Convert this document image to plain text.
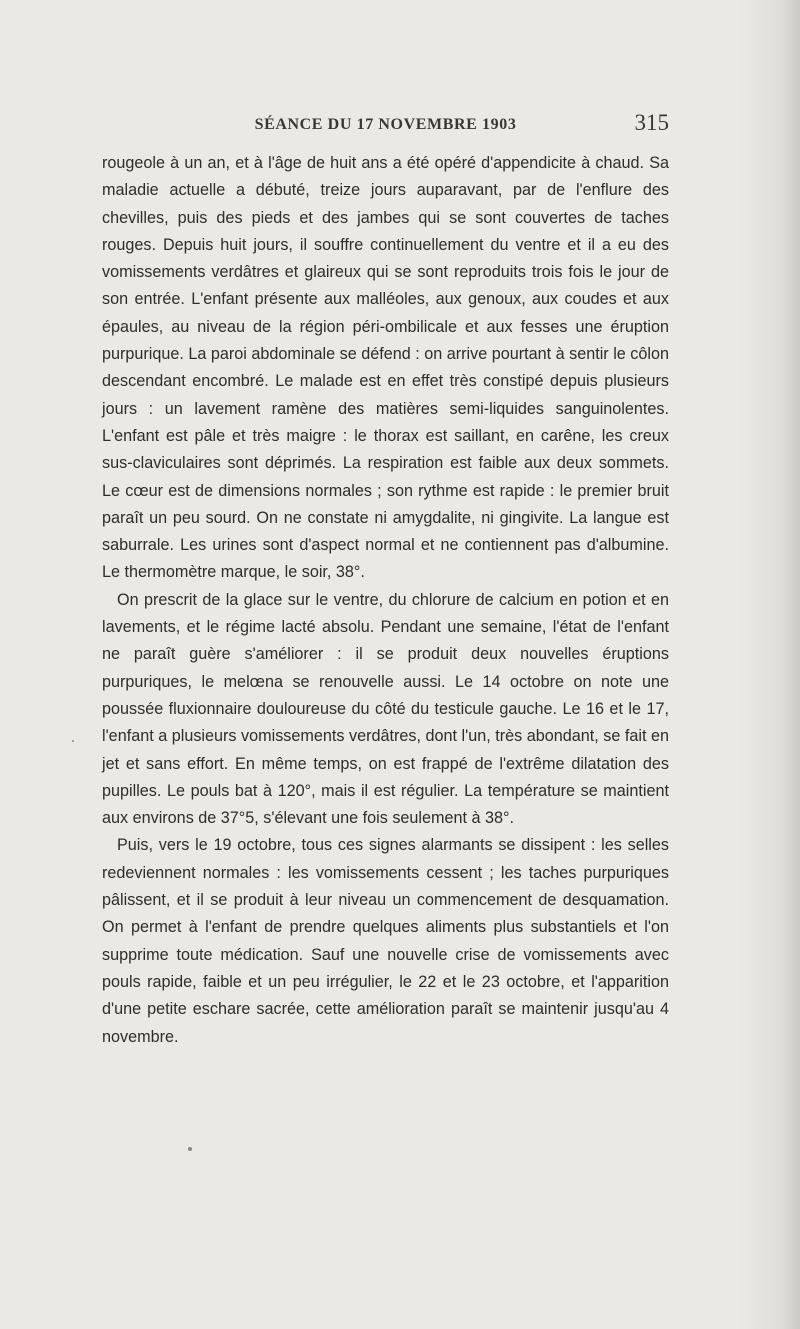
SÉANCE DU 17 NOVEMBRE 1903	315

rougeole à un an, et à l'âge de huit ans a été opéré d'appendicite à chaud. Sa maladie actuelle a débuté, treize jours auparavant, par de l'enflure des chevilles, puis des pieds et des jambes qui se sont couvertes de taches rouges. Depuis huit jours, il souffre continuellement du ventre et il a eu des vomissements verdâtres et glaireux qui se sont reproduits trois fois le jour de son entrée. L'enfant présente aux malléoles, aux genoux, aux coudes et aux épaules, au niveau de la région péri-ombilicale et aux fesses une éruption purpurique. La paroi abdominale se défend : on arrive pourtant à sentir le côlon descendant encombré. Le malade est en effet très constipé depuis plusieurs jours : un lavement ramène des matières semi-liquides sanguinolentes. L'enfant est pâle et très maigre : le thorax est saillant, en carêne, les creux sus-claviculaires sont déprimés. La respiration est faible aux deux sommets. Le cœur est de dimensions normales ; son rythme est rapide : le premier bruit paraît un peu sourd. On ne constate ni amygdalite, ni gingivite. La langue est saburrale. Les urines sont d'aspect normal et ne contiennent pas d'albumine. Le thermomètre marque, le soir, 38°.

On prescrit de la glace sur le ventre, du chlorure de calcium en potion et en lavements, et le régime lacté absolu. Pendant une semaine, l'état de l'enfant ne paraît guère s'améliorer : il se produit deux nouvelles éruptions purpuriques, le melœna se renouvelle aussi. Le 14 octobre on note une poussée fluxionnaire douloureuse du côté du testicule gauche. Le 16 et le 17, l'enfant a plusieurs vomissements verdâtres, dont l'un, très abondant, se fait en jet et sans effort. En même temps, on est frappé de l'extrême dilatation des pupilles. Le pouls bat à 120°, mais il est régulier. La température se maintient aux environs de 37°5, s'élevant une fois seulement à 38°.

Puis, vers le 19 octobre, tous ces signes alarmants se dissipent : les selles redeviennent normales : les vomissements cessent ; les taches purpuriques pâlissent, et il se produit à leur niveau un commencement de desquamation. On permet à l'enfant de prendre quelques aliments plus substantiels et l'on supprime toute médication. Sauf une nouvelle crise de vomissements avec pouls rapide, faible et un peu irrégulier, le 22 et le 23 octobre, et l'apparition d'une petite eschare sacrée, cette amélioration paraît se maintenir jusqu'au 4 novembre.
